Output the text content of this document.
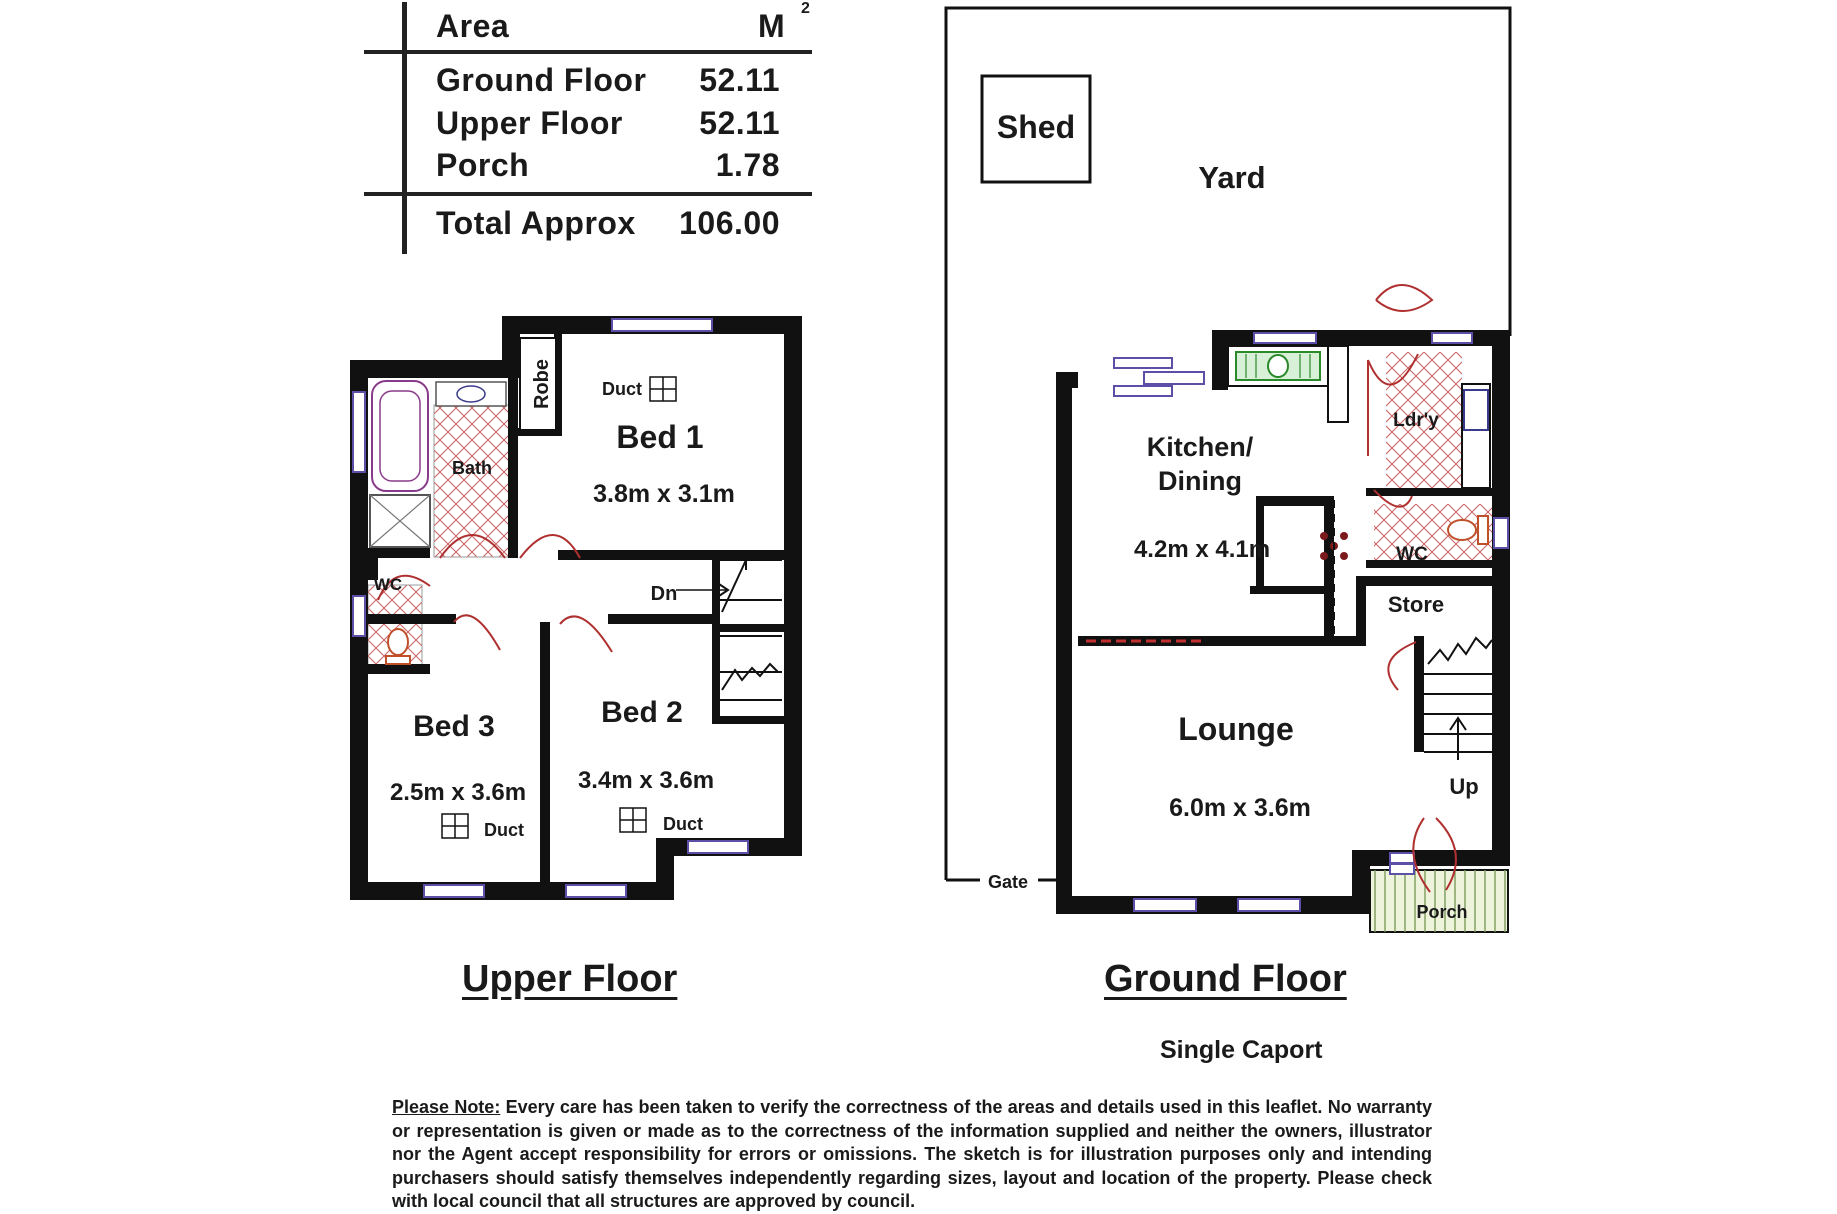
Area	M 2
Ground Floor	52.11
Upper Floor	52.11
Porch	1.78
Total Approx	106.00
Robe	Duct
Bed 1
3.8m x 3.1m
Bath
WC	Dn
Bed 3
2.5m x 3.6m
Duct
Bed 2
3.4m x 3.6m
Duct
Shed
Yard
Ldr'y
Kitchen/
Dining
4.2m x 4.1m	WC
Store
Lounge
6.0m x 3.6m
Up
Gate
Porch
Upper Floor	Ground Floor
Single Caport
Please Note: Every care has been taken to verify the correctness of the areas and details used in this leaflet. No warranty or representation is given or made as to the correctness of the information supplied and neither the owners, illustrator nor the Agent accept responsibility for errors or omissions. The sketch is for illustration purposes only and intending purchasers should satisfy themselves independently regarding sizes, layout and location of the property. Please check with local council that all structures are approved by council.
